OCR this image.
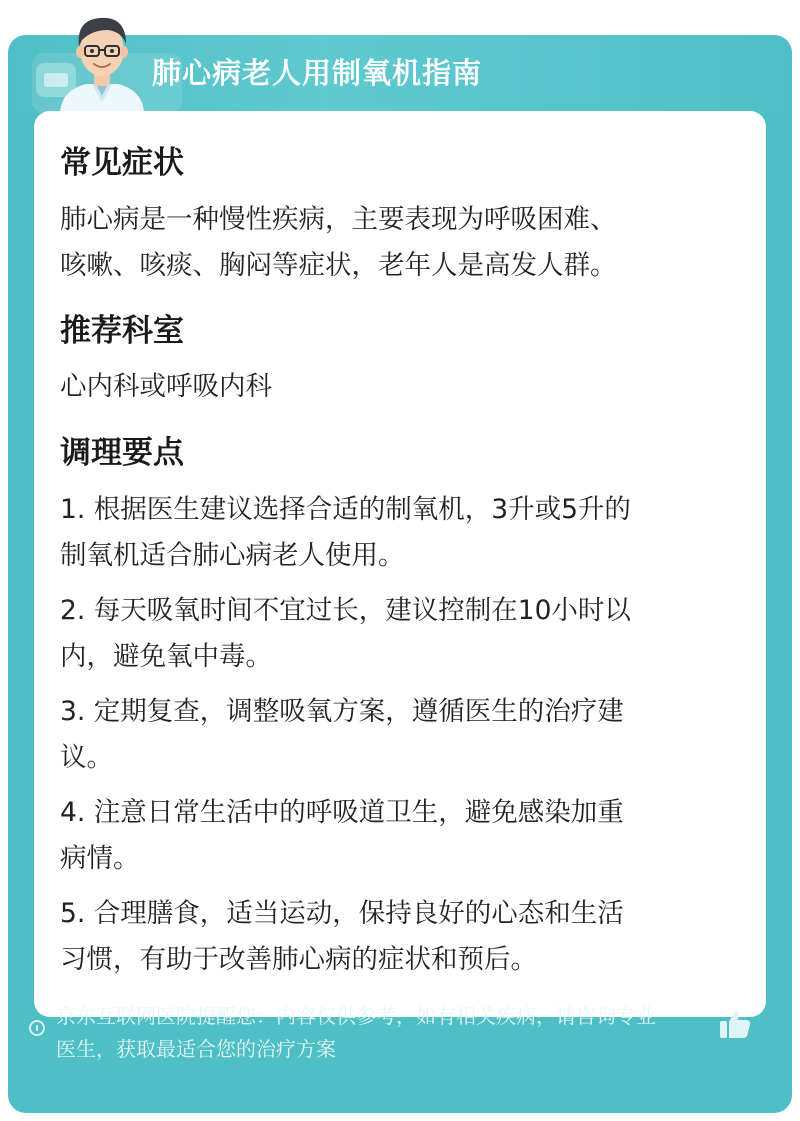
肺心病老人用制氧机指南
常见症状
肺心病是一种慢性疾病，主要表现为呼吸困难、
咳嗽、咳痰、胸闷等症状，老年人是高发人群。
推荐科室
心内科或呼吸内科
调理要点
1. 根据医生建议选择合适的制氧机，3升或5升的
制氧机适合肺心病老人使用。
2. 每天吸氧时间不宜过长，建议控制在10小时以
内，避免氧中毒。
3. 定期复查，调整吸氧方案，遵循医生的治疗建
议。
4. 注意日常生活中的呼吸道卫生，避免感染加重
病情。
5. 合理膳食，适当运动，保持良好的心态和生活
习惯，有助于改善肺心病的症状和预后。
京东互联网医院提醒您：内容仅供参考，如有相关疾病，请咨询专业
医生，获取最适合您的治疗方案
